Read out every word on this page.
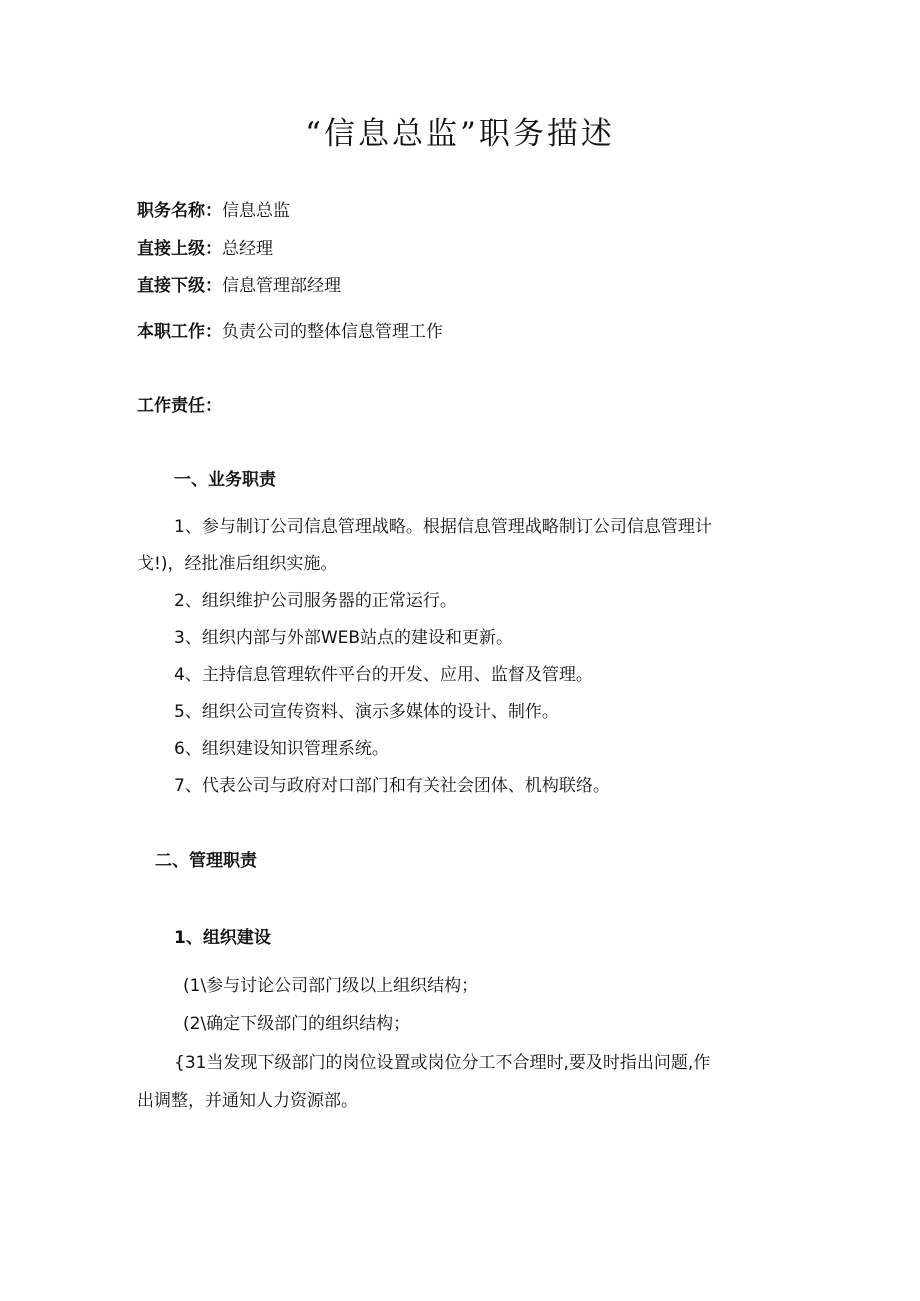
“信息总监”职务描述
职务名称：信息总监
直接上级：总经理
直接下级：信息管理部经理
本职工作：负责公司的整体信息管理工作
工作责任：
一、业务职责
1、参与制订公司信息管理战略。根据信息管理战略制订公司信息管理计
戈!)，经批准后组织实施。
2、组织维护公司服务器的正常运行。
3、组织内部与外部WEB站点的建设和更新。
4、主持信息管理软件平台的开发、应用、监督及管理。
5、组织公司宣传资料、演示多媒体的设计、制作。
6、组织建设知识管理系统。
7、代表公司与政府对口部门和有关社会团体、机构联络。
二、管理职责
1、组织建设
(1\参与讨论公司部门级以上组织结构；
(2\确定下级部门的组织结构；
{31当发现下级部门的岗位设置或岗位分工不合理时,要及时指出问题,作
出调整，并通知人力资源部。
